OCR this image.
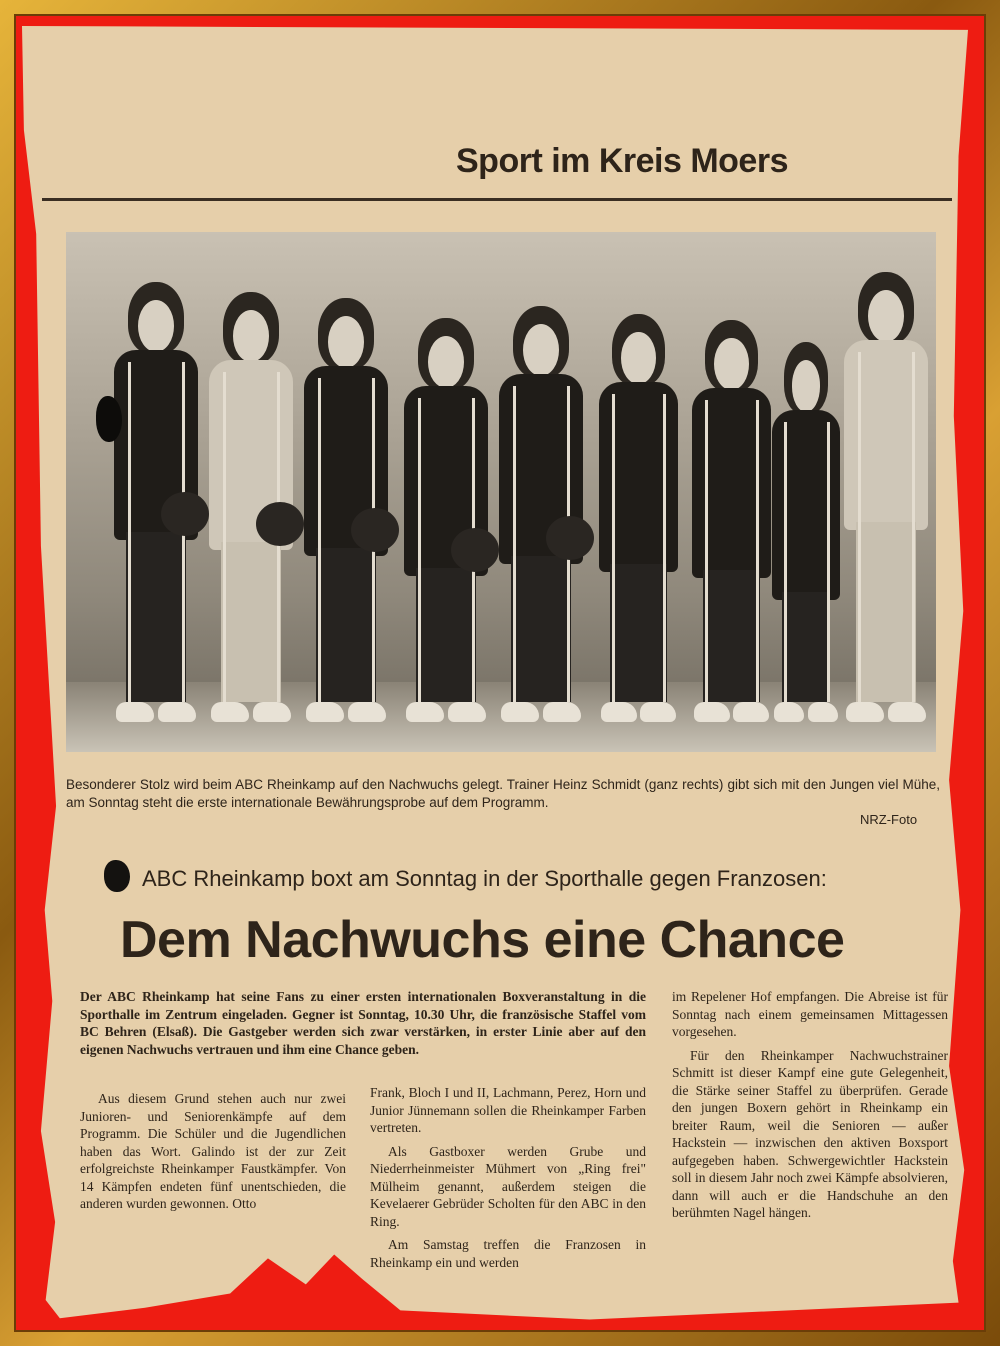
Sport im Kreis Moers
Besonderer Stolz wird beim ABC Rheinkamp auf den Nachwuchs gelegt. Trainer Heinz Schmidt (ganz rechts) gibt sich mit den Jungen viel Mühe, am Sonntag steht die erste internationale Bewährungsprobe auf dem Programm.
NRZ-Foto
ABC Rheinkamp boxt am Sonntag in der Sporthalle gegen Franzosen:
Dem Nachwuchs eine Chance
Der ABC Rheinkamp hat seine Fans zu einer ersten internationalen Boxveranstaltung in die Sporthalle im Zentrum eingeladen. Gegner ist Sonntag, 10.30 Uhr, die französische Staffel vom BC Behren (Elsaß). Die Gastgeber werden sich zwar verstärken, in erster Linie aber auf den eigenen Nachwuchs vertrauen und ihm eine Chance geben.

Aus diesem Grund stehen auch nur zwei Junioren- und Seniorenkämpfe auf dem Programm. Die Schüler und die Jugendlichen haben das Wort. Galindo ist der zur Zeit erfolgreichste Rheinkamper Faustkämpfer. Von 14 Kämpfen endeten fünf unentschieden, die anderen wurden gewonnen. Otto

Frank, Bloch I und II, Lachmann, Perez, Horn und Junior Jünnemann sollen die Rheinkamper Farben vertreten.

Als Gastboxer werden Grube und Niederrheinmeister Mühmert von „Ring frei" Mülheim genannt, außerdem steigen die Kevelaerer Gebrüder Scholten für den ABC in den Ring.

Am Samstag treffen die Franzosen in Rheinkamp ein und werden

im Repelener Hof empfangen. Die Abreise ist für Sonntag nach einem gemeinsamen Mittagessen vorgesehen.

Für den Rheinkamper Nachwuchstrainer Schmitt ist dieser Kampf eine gute Gelegenheit, die Stärke seiner Staffel zu überprüfen. Gerade den jungen Boxern gehört in Rheinkamp ein breiter Raum, weil die Senioren — außer Hackstein — inzwischen den aktiven Boxsport aufgegeben haben. Schwergewichtler Hackstein soll in diesem Jahr noch zwei Kämpfe absolvieren, dann will auch er die Handschuhe an den berühmten Nagel hängen.
